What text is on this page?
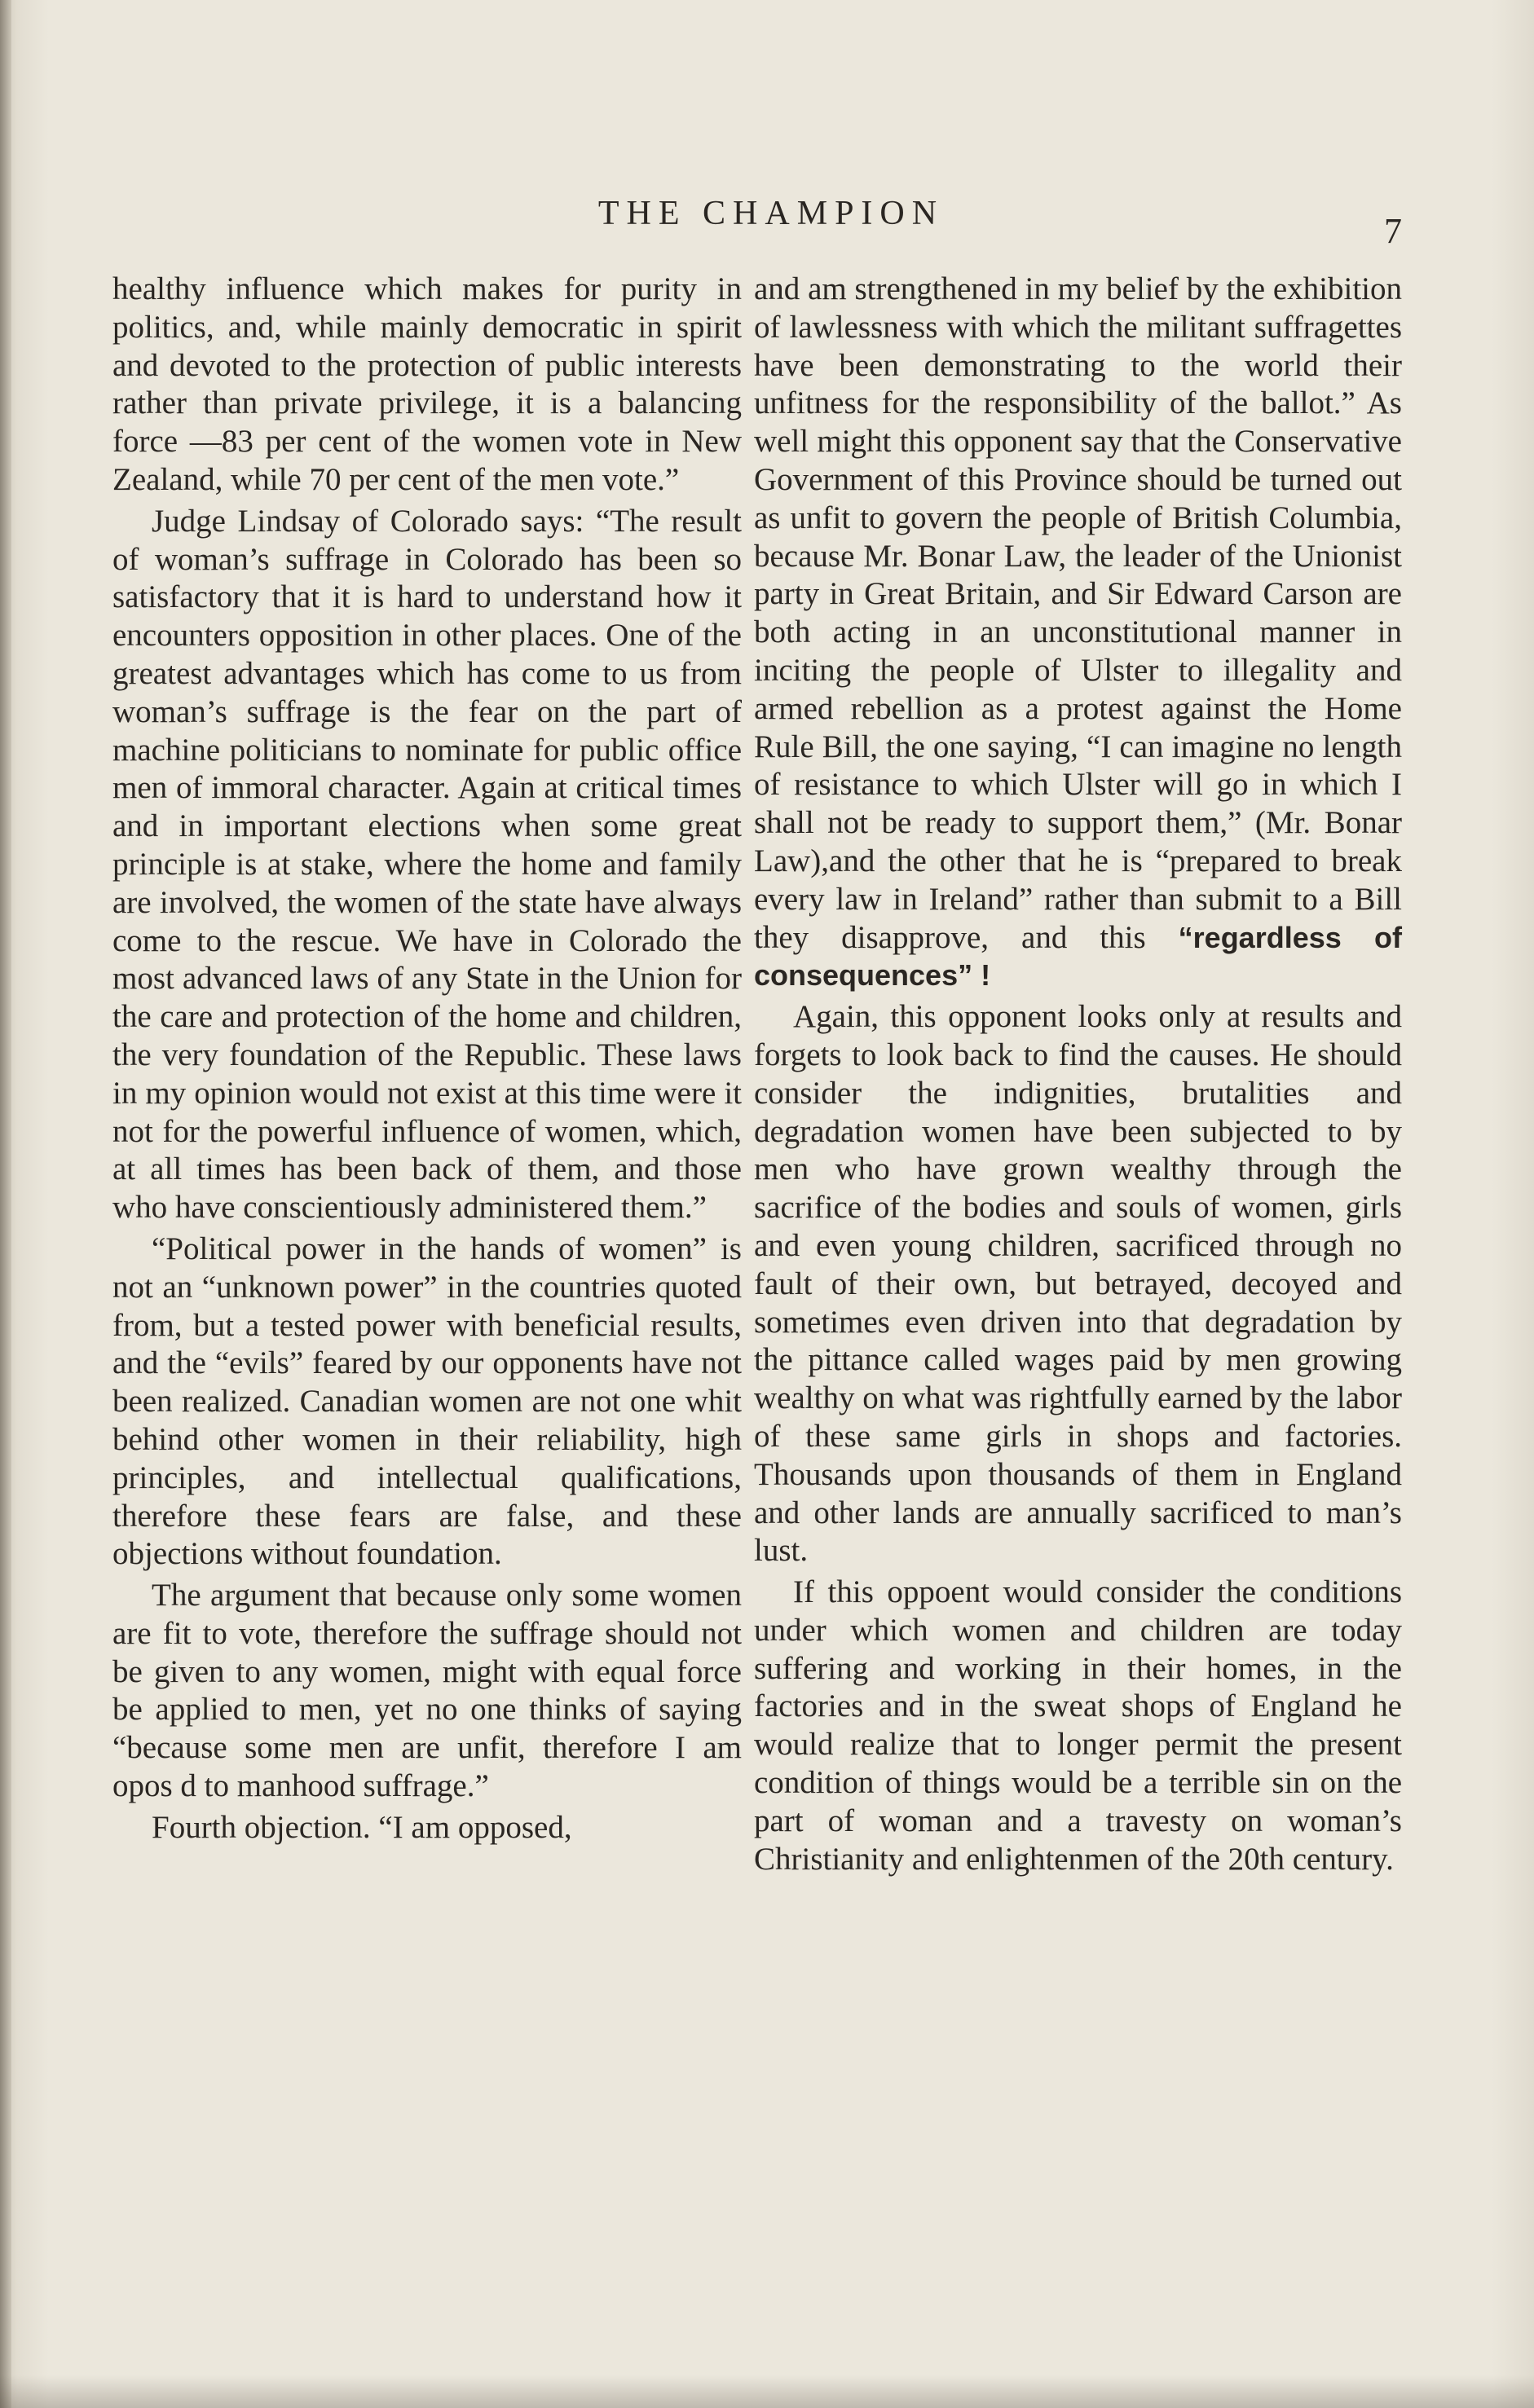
THE CHAMPION	7

healthy influence which makes for purity in politics, and, while mainly democratic in spirit and devoted to the protection of public interests rather than private privilege, it is a balancing force —83 per cent of the women vote in New Zealand, while 70 per cent of the men vote.”

Judge Lindsay of Colorado says: “The result of woman’s suffrage in Colorado has been so satisfactory that it is hard to understand how it encounters opposition in other places. One of the greatest advantages which has come to us from woman’s suffrage is the fear on the part of machine politicians to nominate for public office men of immoral character. Again at critical times and in important elections when some great principle is at stake, where the home and family are involved, the women of the state have always come to the rescue. We have in Colorado the most advanced laws of any State in the Union for the care and protection of the home and children, the very foundation of the Republic. These laws in my opinion would not exist at this time were it not for the powerful influence of women, which, at all times has been back of them, and those who have conscientiously administered them.”

“Political power in the hands of women” is not an “unknown power” in the countries quoted from, but a tested power with beneficial results, and the “evils” feared by our opponents have not been realized. Canadian women are not one whit behind other women in their reliability, high principles, and intellectual qualifications, therefore these fears are false, and these objections without foundation.

The argument that because only some women are fit to vote, therefore the suffrage should not be given to any women, might with equal force be applied to men, yet no one thinks of saying “because some men are unfit, therefore I am opos d to manhood suffrage.”

Fourth objection. “I am opposed,

and am strengthened in my belief by the exhibition of lawlessness with which the militant suffragettes have been demonstrating to the world their unfitness for the responsibility of the ballot.” As well might this opponent say that the Conservative Government of this Province should be turned out as unfit to govern the people of British Columbia, because Mr. Bonar Law, the leader of the Unionist party in Great Britain, and Sir Edward Carson are both acting in an unconstitutional manner in inciting the people of Ulster to illegality and armed rebellion as a protest against the Home Rule Bill, the one saying, “I can imagine no length of resistance to which Ulster will go in which I shall not be ready to support them,” (Mr. Bonar Law),and the other that he is “prepared to break every law in Ireland” rather than submit to a Bill they disapprove, and this “regardless of consequences” !

Again, this opponent looks only at results and forgets to look back to find the causes. He should consider the indignities, brutalities and degradation women have been subjected to by men who have grown wealthy through the sacrifice of the bodies and souls of women, girls and even young children, sacrificed through no fault of their own, but betrayed, decoyed and sometimes even driven into that degradation by the pittance called wages paid by men growing wealthy on what was rightfully earned by the labor of these same girls in shops and factories. Thousands upon thousands of them in England and other lands are annually sacrificed to man’s lust.

If this oppoent would consider the conditions under which women and children are today suffering and working in their homes, in the factories and in the sweat shops of England he would realize that to longer permit the present condition of things would be a terrible sin on the part of woman and a travesty on woman’s Christianity and enlightenmen of the 20th century.
